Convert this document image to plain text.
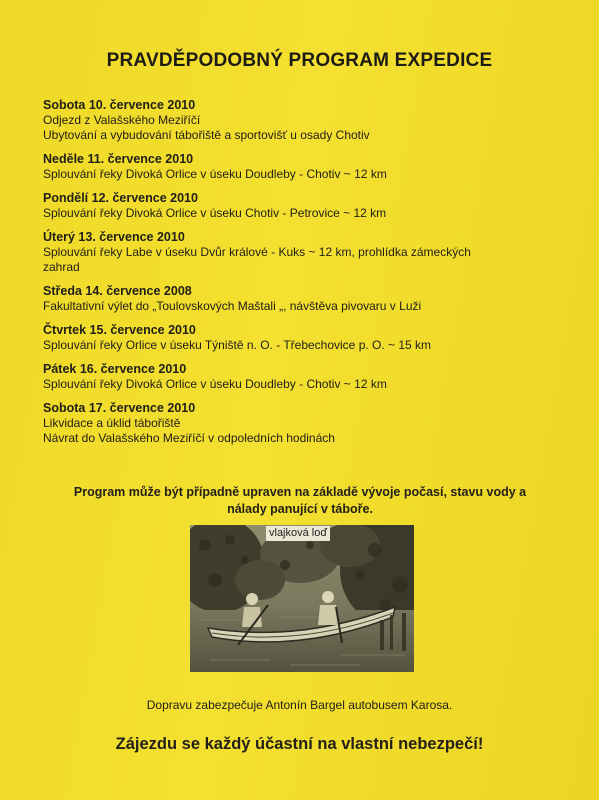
PRAVDĚPODOBNÝ PROGRAM EXPEDICE
Sobota 10. července 2010
Odjezd z Valašského Meziříčí
Ubytování a vybudování tábořiště a sportovišť u osady Chotiv
Neděle 11. července 2010
Splouvání řeky Divoká Orlice v úseku Doudleby - Chotiv ~ 12 km
Pondělí 12. července 2010
Splouvání řeky Divoká Orlice v úseku Chotiv - Petrovice ~ 12 km
Úterý 13. července 2010
Splouvání řeky Labe v úseku Dvůr králové - Kuks ~ 12 km, prohlídka zámeckých
zahrad
Středa 14. července 2008
Fakultativní výlet do „Toulovskových Maštali „, návštěva pivovaru v Luži
Čtvrtek 15. července 2010
Splouvání řeky Orlice v úseku Týniště n. O. - Třebechovice p. O. ~ 15 km
Pátek 16. července 2010
Splouvání řeky Divoká Orlice v úseku Doudleby - Chotiv ~ 12 km
Sobota 17. července 2010
Likvidace a úklid tábořiště
Návrat do Valašského Meziříčí v odpoledních hodinách
Program může být případně upraven na základě vývoje počasí, stavu vody a
nálady panující v táboře.
vlajková loď
Dopravu zabezpečuje Antonín Bargel autobusem Karosa.
Zájezdu se každý účastní na vlastní nebezpečí!
